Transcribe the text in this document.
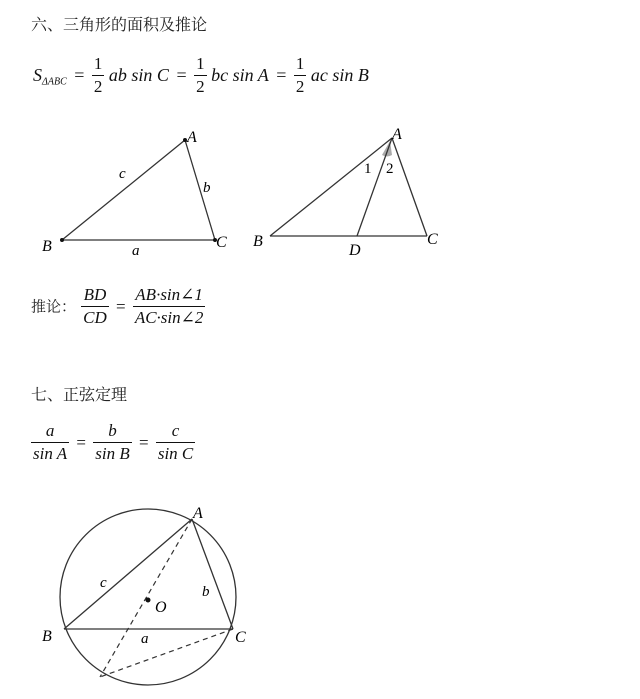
六、三角形的面积及推论
$S_{\Delta ABC} = \frac{1}{2}$ ab $\sin C = \frac{1}{2}$ bc $\sin A = \frac{1}{2}$ ac sin B
A
B	C
c
b
a
A
B	C
D
1 2
推论： $\frac{BD}{CD} = \frac{AB\cdot\sin\angle 1}{AC\cdot\sin\angle 2}$
七、正弦定理
$\frac{a}{\text{sin A}} = \frac{b}{\text{sin B}} = \frac{c}{\text{sin C}}$
A
B	C
O
c
b
a
